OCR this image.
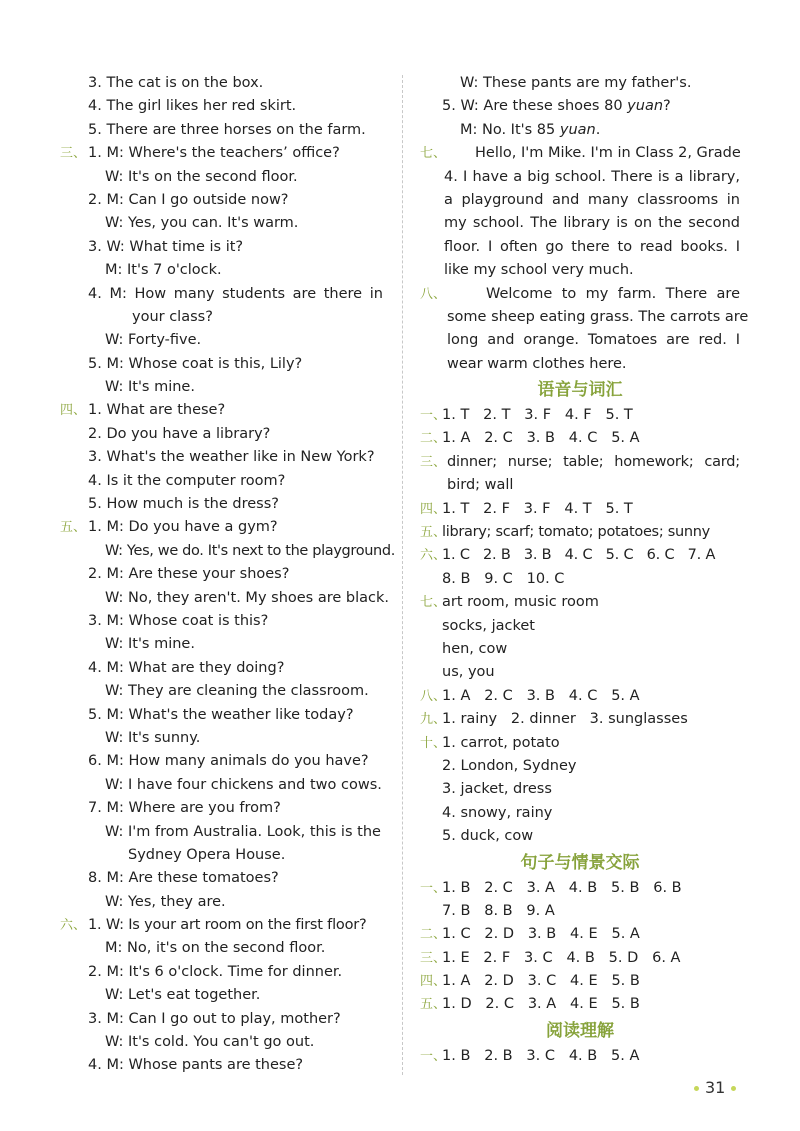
3. The cat is on the box.
4. The girl likes her red skirt.
5. There are three horses on the farm.
三、 1. M: Where's the teachers’ office?
W: It's on the second floor.
2. M: Can I go outside now?
W: Yes, you can. It's warm.
3. W: What time is it?
M: It's 7 o'clock.
4. M: How many students are there in
your class?
W: Forty-five.
5. M: Whose coat is this, Lily?
W: It's mine.
四、 1. What are these?
2. Do you have a library?
3. What's the weather like in New York?
4. Is it the computer room?
5. How much is the dress?
五、 1. M: Do you have a gym?
W: Yes, we do. It's next to the playground.
2. M: Are these your shoes?
W: No, they aren't. My shoes are black.
3. M: Whose coat is this?
W: It's mine.
4. M: What are they doing?
W: They are cleaning the classroom.
5. M: What's the weather like today?
W: It's sunny.
6. M: How many animals do you have?
W: I have four chickens and two cows.
7. M: Where are you from?
W: I'm from Australia. Look, this is the
Sydney Opera House.
8. M: Are these tomatoes?
W: Yes, they are.
六、 1. W: Is your art room on the first floor?
M: No, it's on the second floor.
2. M: It's 6 o'clock. Time for dinner.
W: Let's eat together.
3. M: Can I go out to play, mother?
W: It's cold. You can't go out.
4. M: Whose pants are these?
W: These pants are my father's.
5. W: Are these shoes 80 yuan?
M: No. It's 85 yuan.
七、 Hello, I'm Mike. I'm in Class 2, Grade
4. I have a big school. There is a library,
a playground and many classrooms in
my school. The library is on the second
floor. I often go there to read books. I
like my school very much.
八、	Welcome to my farm. There are
some sheep eating grass. The carrots are
long and orange. Tomatoes are red. I
wear warm clothes here.
语音与词汇
一、
1. T   2. T   3. F   4. F   5. T
二、
1. A   2. C   3. B   4. C   5. A
三、 dinner; nurse; table; homework; card;
bird; wall
四、
1. T   2. F   3. F   4. T   5. T
五、
library; scarf; tomato; potatoes; sunny
六、
1. C   2. B   3. B   4. C   5. C   6. C   7. A
8. B   9. C   10. C
七、
art room, music room
socks, jacket
hen, cow
us, you
八、
1. A   2. C   3. B   4. C   5. A
九、
1. rainy   2. dinner   3. sunglasses
十、
1. carrot, potato
2. London, Sydney
3. jacket, dress
4. snowy, rainy
5. duck, cow
句子与情景交际
一、
1. B   2. C   3. A   4. B   5. B   6. B
7. B   8. B   9. A
二、
1. C   2. D   3. B   4. E   5. A
三、
1. E   2. F   3. C   4. B   5. D   6. A
四、
1. A   2. D   3. C   4. E   5. B
五、
1. D   2. C   3. A   4. E   5. B
阅读理解
一、
1. B   2. B   3. C   4. B   5. A
31
